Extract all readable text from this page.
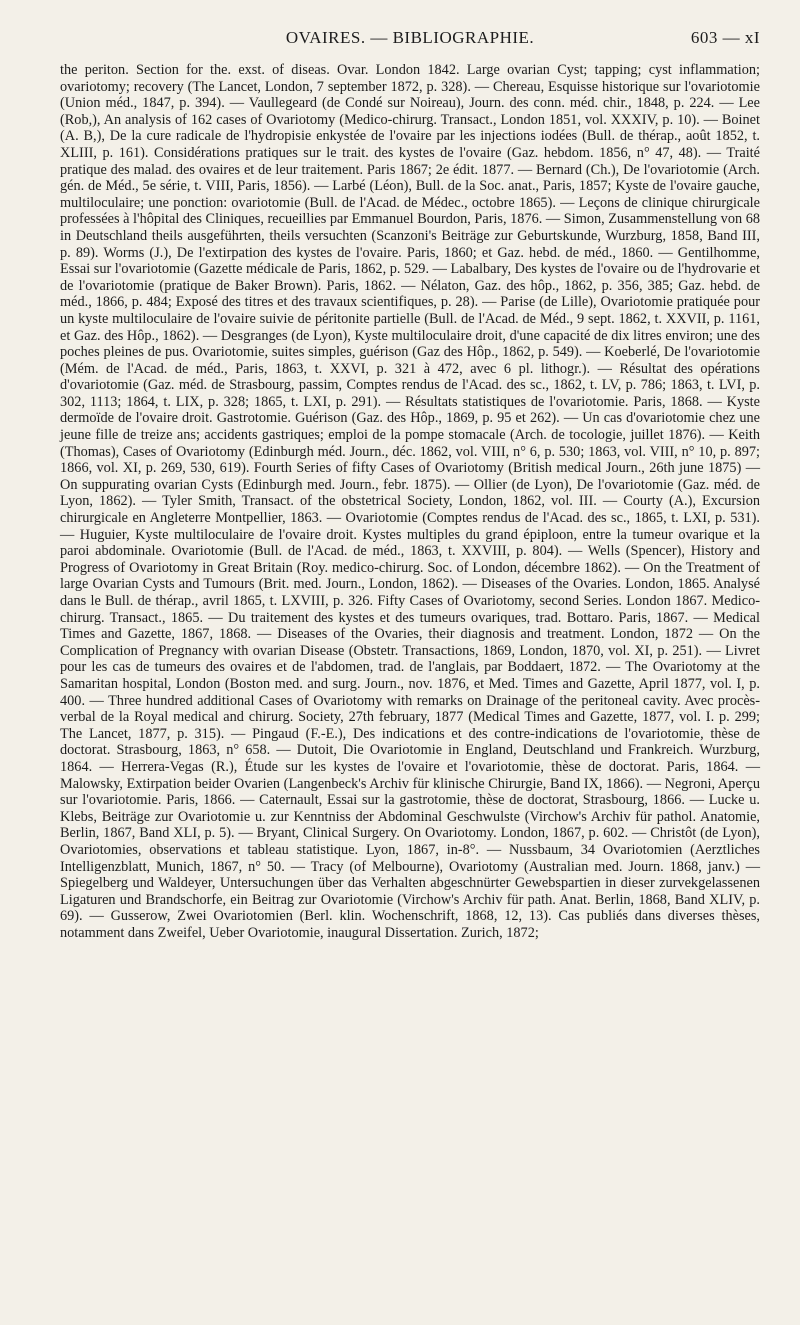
OVAIRES. — BIBLIOGRAPHIE.	603 — xI

the periton. Section for the. exst. of diseas. Ovar. London 1842. Large ovarian Cyst; tapping; cyst inflammation; ovariotomy; recovery (The Lancet, London, 7 september 1872, p. 328). — Chereau, Esquisse historique sur l'ovariotomie (Union méd., 1847, p. 394). — Vaullegeard (de Condé sur Noireau), Journ. des conn. méd. chir., 1848, p. 224. — Lee (Rob,), An analysis of 162 cases of Ovariotomy (Medico-chirurg. Transact., London 1851, vol. XXXIV, p. 10). — Boinet (A. B,), De la cure radicale de l'hydropisie enkystée de l'ovaire par les injections iodées (Bull. de thérap., août 1852, t. XLIII, p. 161). Considérations pratiques sur le trait. des kystes de l'ovaire (Gaz. hebdom. 1856, n° 47, 48). — Traité pratique des malad. des ovaires et de leur traitement. Paris 1867; 2e édit. 1877. — Bernard (Ch.), De l'ovariotomie (Arch. gén. de Méd., 5e série, t. VIII, Paris, 1856). — Larbé (Léon), Bull. de la Soc. anat., Paris, 1857; Kyste de l'ovaire gauche, multiloculaire; une ponction: ovariotomie (Bull. de l'Acad. de Médec., octobre 1865). — Leçons de clinique chirurgicale professées à l'hôpital des Cliniques, recueillies par Emmanuel Bourdon, Paris, 1876. — Simon, Zusammenstellung von 68 in Deutschland theils ausgeführten, theils versuchten (Scanzoni's Beiträge zur Geburtskunde, Wurzburg, 1858, Band III, p. 89). Worms (J.), De l'extirpation des kystes de l'ovaire. Paris, 1860; et Gaz. hebd. de méd., 1860. — Gentilhomme, Essai sur l'ovariotomie (Gazette médicale de Paris, 1862, p. 529. — Labalbary, Des kystes de l'ovaire ou de l'hydrovarie et de l'ovariotomie (pratique de Baker Brown). Paris, 1862. — Nélaton, Gaz. des hôp., 1862, p. 356, 385; Gaz. hebd. de méd., 1866, p. 484; Exposé des titres et des travaux scientifiques, p. 28). — Parise (de Lille), Ovariotomie pratiquée pour un kyste multiloculaire de l'ovaire suivie de péritonite partielle (Bull. de l'Acad. de Méd., 9 sept. 1862, t. XXVII, p. 1161, et Gaz. des Hôp., 1862). — Desgranges (de Lyon), Kyste multiloculaire droit, d'une capacité de dix litres environ; une des poches pleines de pus. Ovariotomie, suites simples, guérison (Gaz des Hôp., 1862, p. 549). — Koeberlé, De l'ovariotomie (Mém. de l'Acad. de méd., Paris, 1863, t. XXVI, p. 321 à 472, avec 6 pl. lithogr.). — Résultat des opérations d'ovariotomie (Gaz. méd. de Strasbourg, passim, Comptes rendus de l'Acad. des sc., 1862, t. LV, p. 786; 1863, t. LVI, p. 302, 1113; 1864, t. LIX, p. 328; 1865, t. LXI, p. 291). — Résultats statistiques de l'ovariotomie. Paris, 1868. — Kyste dermoïde de l'ovaire droit. Gastrotomie. Guérison (Gaz. des Hôp., 1869, p. 95 et 262). — Un cas d'ovariotomie chez une jeune fille de treize ans; accidents gastriques; emploi de la pompe stomacale (Arch. de tocologie, juillet 1876). — Keith (Thomas), Cases of Ovariotomy (Edinburgh méd. Journ., déc. 1862, vol. VIII, n° 6, p. 530; 1863, vol. VIII, n° 10, p. 897; 1866, vol. XI, p. 269, 530, 619). Fourth Series of fifty Cases of Ovariotomy (British medical Journ., 26th june 1875) — On suppurating ovarian Cysts (Edinburgh med. Journ., febr. 1875). — Ollier (de Lyon), De l'ovariotomie (Gaz. méd. de Lyon, 1862). — Tyler Smith, Transact. of the obstetrical Society, London, 1862, vol. III. — Courty (A.), Excursion chirurgicale en Angleterre Montpellier, 1863. — Ovariotomie (Comptes rendus de l'Acad. des sc., 1865, t. LXI, p. 531). — Huguier, Kyste multiloculaire de l'ovaire droit. Kystes multiples du grand épiploon, entre la tumeur ovarique et la paroi abdominale. Ovariotomie (Bull. de l'Acad. de méd., 1863, t. XXVIII, p. 804). — Wells (Spencer), History and Progress of Ovariotomy in Great Britain (Roy. medico-chirurg. Soc. of London, décembre 1862). — On the Treatment of large Ovarian Cysts and Tumours (Brit. med. Journ., London, 1862). — Diseases of the Ovaries. London, 1865. Analysé dans le Bull. de thérap., avril 1865, t. LXVIII, p. 326. Fifty Cases of Ovariotomy, second Series. London 1867. Medico-chirurg. Transact., 1865. — Du traitement des kystes et des tumeurs ovariques, trad. Bottaro. Paris, 1867. — Medical Times and Gazette, 1867, 1868. — Diseases of the Ovaries, their diagnosis and treatment. London, 1872 — On the Complication of Pregnancy with ovarian Disease (Obstetr. Transactions, 1869, London, 1870, vol. XI, p. 251). — Livret pour les cas de tumeurs des ovaires et de l'abdomen, trad. de l'anglais, par Boddaert, 1872. — The Ovariotomy at the Samaritan hospital, London (Boston med. and surg. Journ., nov. 1876, et Med. Times and Gazette, April 1877, vol. I, p. 400. — Three hundred additional Cases of Ovariotomy with remarks on Drainage of the peritoneal cavity. Avec procès-verbal de la Royal medical and chirurg. Society, 27th february, 1877 (Medical Times and Gazette, 1877, vol. I. p. 299; The Lancet, 1877, p. 315). — Pingaud (F.-E.), Des indications et des contre-indications de l'ovariotomie, thèse de doctorat. Strasbourg, 1863, n° 658. — Dutoit, Die Ovariotomie in England, Deutschland und Frankreich. Wurzburg, 1864. — Herrera-Vegas (R.), Étude sur les kystes de l'ovaire et l'ovariotomie, thèse de doctorat. Paris, 1864. — Malowsky, Extirpation beider Ovarien (Langenbeck's Archiv für klinische Chirurgie, Band IX, 1866). — Negroni, Aperçu sur l'ovariotomie. Paris, 1866. — Caternault, Essai sur la gastrotomie, thèse de doctorat, Strasbourg, 1866. — Lucke u. Klebs, Beiträge zur Ovariotomie u. zur Kenntniss der Abdominal Geschwulste (Virchow's Archiv für pathol. Anatomie, Berlin, 1867, Band XLI, p. 5). — Bryant, Clinical Surgery. On Ovariotomy. London, 1867, p. 602. — Christôt (de Lyon), Ovariotomies, observations et tableau statistique. Lyon, 1867, in-8°. — Nussbaum, 34 Ovariotomien (Aerztliches Intelligenzblatt, Munich, 1867, n° 50. — Tracy (of Melbourne), Ovariotomy (Australian med. Journ. 1868, janv.) — Spiegelberg und Waldeyer, Untersuchungen über das Verhalten abgeschnürter Gewebspartien in dieser zurvekgelassenen Ligaturen und Brandschorfe, ein Beitrag zur Ovariotomie (Virchow's Archiv für path. Anat. Berlin, 1868, Band XLIV, p. 69). — Gusserow, Zwei Ovariotomien (Berl. klin. Wochenschrift, 1868, 12, 13). Cas publiés dans diverses thèses, notamment dans Zweifel, Ueber Ovariotomie, inaugural Dissertation. Zurich, 1872;
